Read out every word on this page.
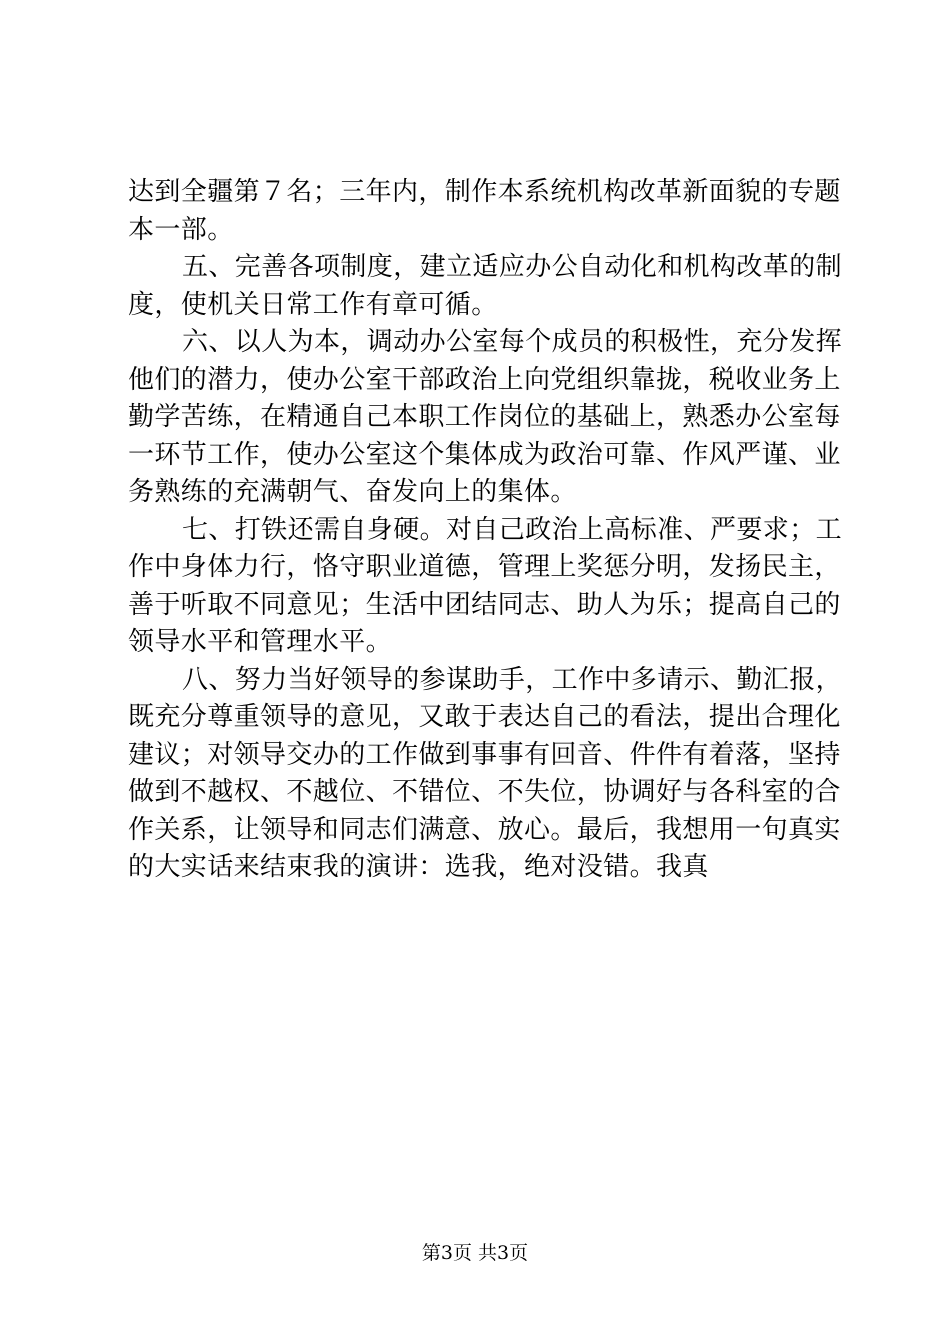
达到全疆第７名；三年内，制作本系统机构改革新面貌的专题
本一部。
五、完善各项制度，建立适应办公自动化和机构改革的制
度，使机关日常工作有章可循。
六、以人为本，调动办公室每个成员的积极性，充分发挥
他们的潜力，使办公室干部政治上向党组织靠拢，税收业务上
勤学苦练，在精通自己本职工作岗位的基础上，熟悉办公室每
一环节工作，使办公室这个集体成为政治可靠、作风严谨、业
务熟练的充满朝气、奋发向上的集体。
七、打铁还需自身硬。对自己政治上高标准、严要求；工
作中身体力行，恪守职业道德，管理上奖惩分明，发扬民主，
善于听取不同意见；生活中团结同志、助人为乐；提高自己的
领导水平和管理水平。
八、努力当好领导的参谋助手，工作中多请示、勤汇报，
既充分尊重领导的意见，又敢于表达自己的看法，提出合理化
建议；对领导交办的工作做到事事有回音、件件有着落，坚持
做到不越权、不越位、不错位、不失位，协调好与各科室的合
作关系，让领导和同志们满意、放心。最后，我想用一句真实
的大实话来结束我的演讲：选我，绝对没错。我真
第3页 共3页
